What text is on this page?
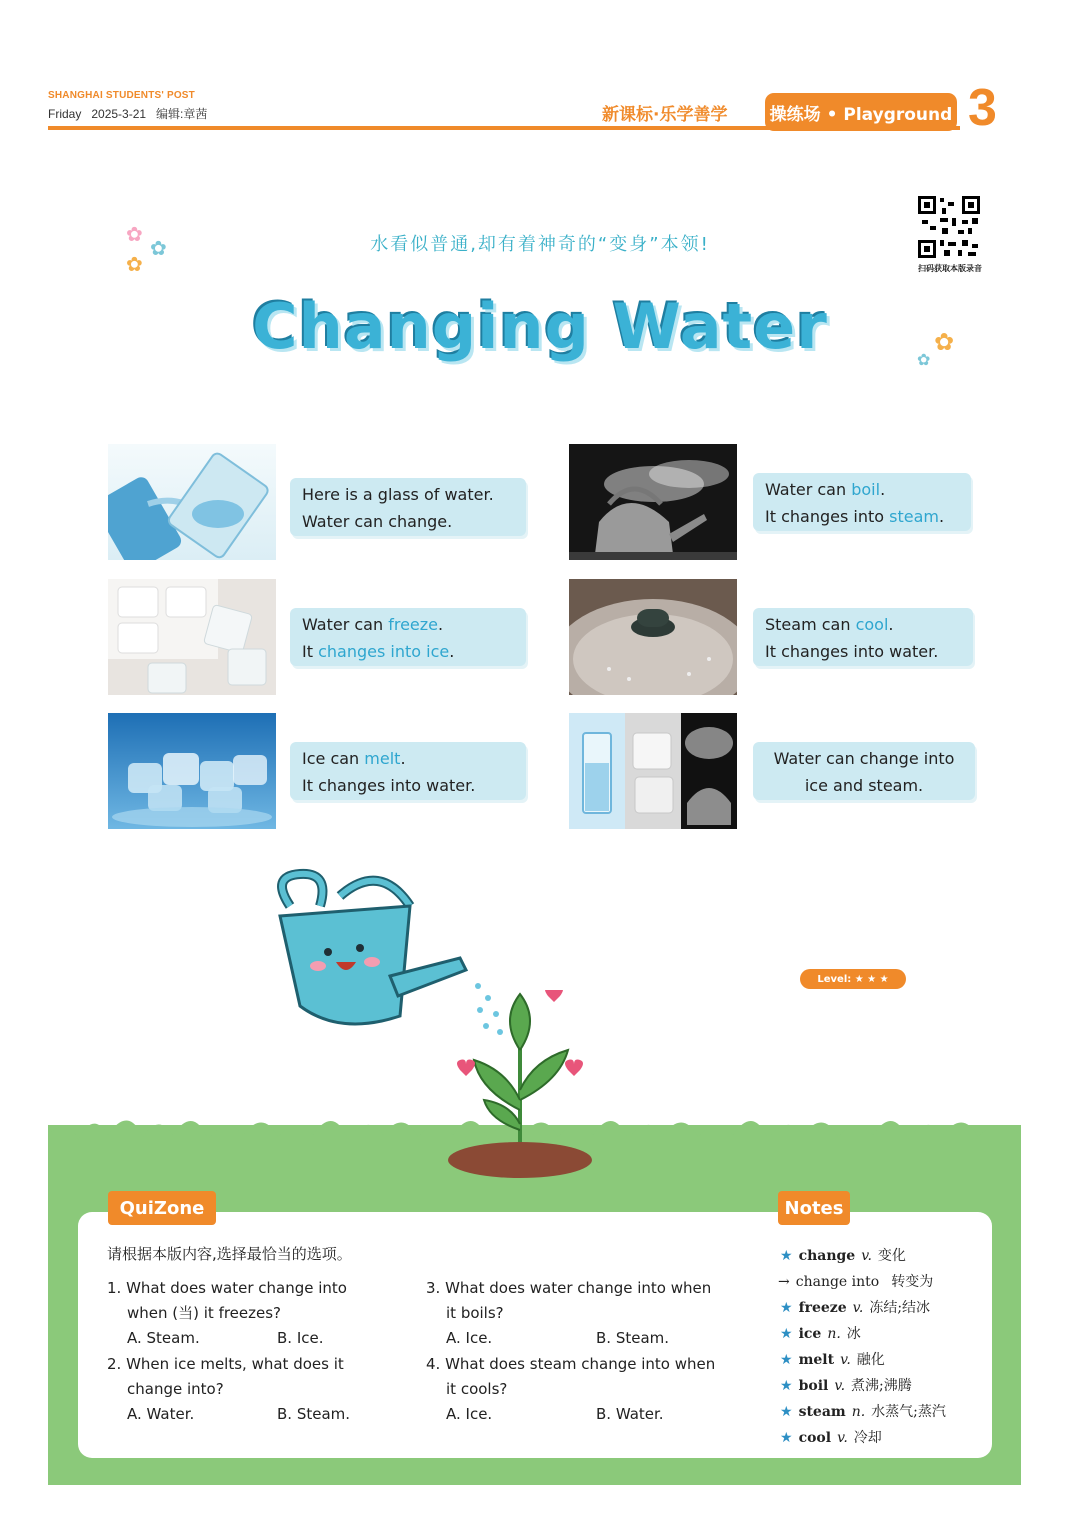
SHANGHAI STUDENTS' POST
Friday   2025-3-21   编辑:章茜	新课标·乐学善学 操练场 • Playground 3
扫码获取本版录音
✿
✿
✿
✿
✿
水看似普通,却有着神奇的“变身”本领!
Changing Water
Here is a glass of water.
Water can change.
Water can boil.
It changes into steam.
Water can freeze.
It changes into ice.
Steam can cool.
It changes into water.
Ice can melt.
It changes into water.
Water can change into
ice and steam.
Level: ★ ★ ★
QuiZone	Notes
请根据本版内容,选择最恰当的选项。
1. What does water change into
when (当) it freezes?
A. Steam.	B. Ice.
2. When ice melts, what does it
change into?
A. Water.	B. Steam.
3. What does water change into when
it boils?
A. Ice.	B. Steam.
4. What does steam change into when
it cools?
A. Ice.	B. Water.
★ change v. 变化
→ change into 转变为
★ freeze v. 冻结;结冰
★ ice n. 冰
★ melt v. 融化
★ boil v. 煮沸;沸腾
★ steam n. 水蒸气;蒸汽
★ cool v. 冷却
